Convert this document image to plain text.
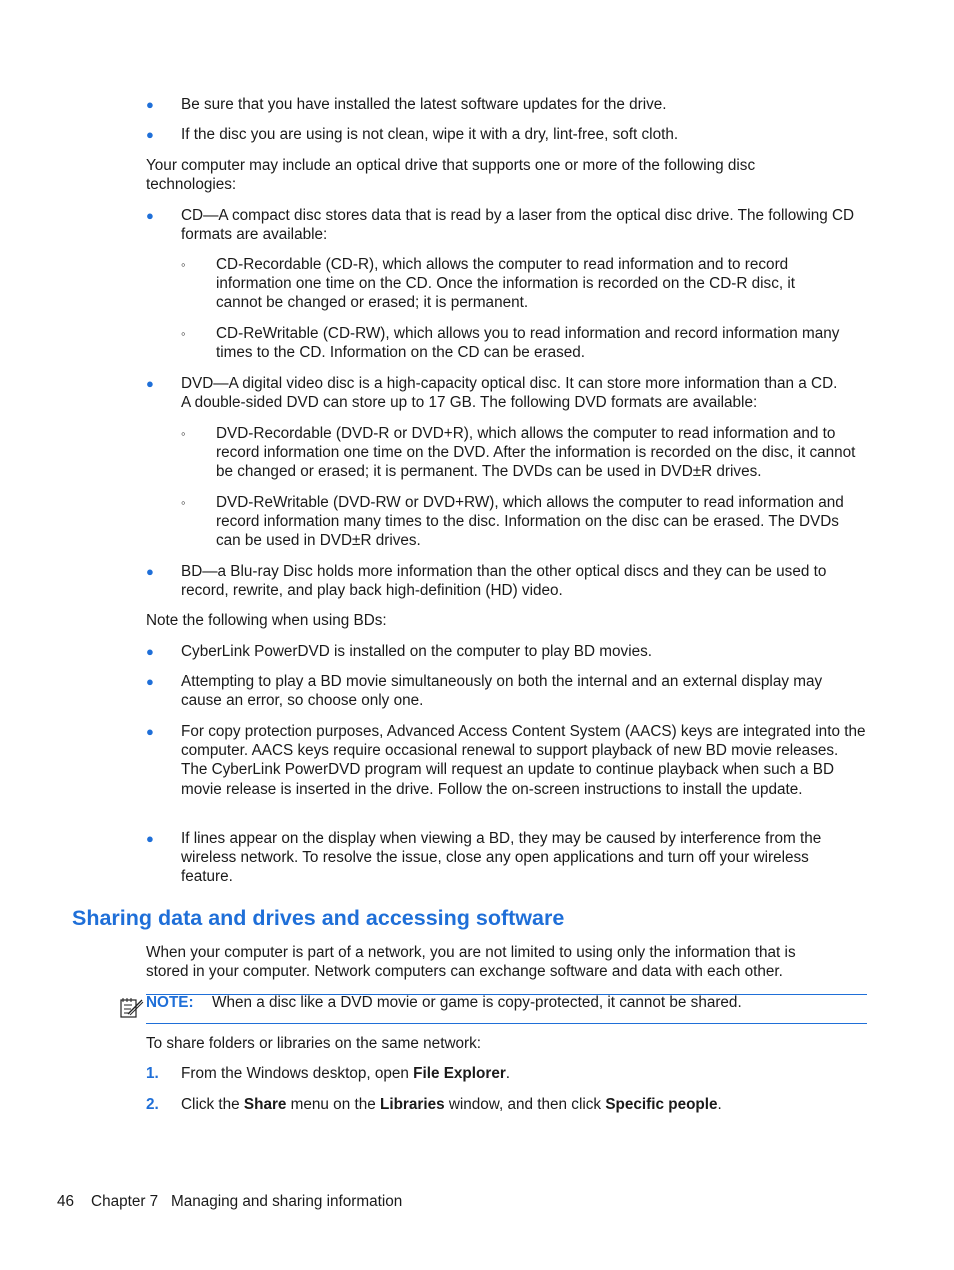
● Be sure that you have installed the latest software updates for the drive.

● If the disc you are using is not clean, wipe it with a dry, lint-free, soft cloth.

Your computer may include an optical drive that supports one or more of the following disc technologies:

● CD—A compact disc stores data that is read by a laser from the optical disc drive. The following CD formats are available:

◦ CD-Recordable (CD-R), which allows the computer to read information and to record information one time on the CD. Once the information is recorded on the CD-R disc, it cannot be changed or erased; it is permanent.

◦ CD-ReWritable (CD-RW), which allows you to read information and record information many times to the CD. Information on the CD can be erased.

● DVD—A digital video disc is a high-capacity optical disc. It can store more information than a CD. A double-sided DVD can store up to 17 GB. The following DVD formats are available:

◦ DVD-Recordable (DVD-R or DVD+R), which allows the computer to read information and to record information one time on the DVD. After the information is recorded on the disc, it cannot be changed or erased; it is permanent. The DVDs can be used in DVD±R drives.

◦ DVD-ReWritable (DVD-RW or DVD+RW), which allows the computer to read information and record information many times to the disc. Information on the disc can be erased. The DVDs can be used in DVD±R drives.

● BD—a Blu-ray Disc holds more information than the other optical discs and they can be used to record, rewrite, and play back high-definition (HD) video.

Note the following when using BDs:

● CyberLink PowerDVD is installed on the computer to play BD movies.

● Attempting to play a BD movie simultaneously on both the internal and an external display may cause an error, so choose only one.

● For copy protection purposes, Advanced Access Content System (AACS) keys are integrated into the computer. AACS keys require occasional renewal to support playback of new BD movie releases. The CyberLink PowerDVD program will request an update to continue playback when such a BD movie release is inserted in the drive. Follow the on-screen instructions to install the update.

● If lines appear on the display when viewing a BD, they may be caused by interference from the wireless network. To resolve the issue, close any open applications and turn off your wireless feature.

Sharing data and drives and accessing software

When your computer is part of a network, you are not limited to using only the information that is stored in your computer. Network computers can exchange software and data with each other.

NOTE: When a disc like a DVD movie or game is copy-protected, it cannot be shared.

To share folders or libraries on the same network:

1. From the Windows desktop, open File Explorer.

2. Click the Share menu on the Libraries window, and then click Specific people.

46 Chapter 7 Managing and sharing information
